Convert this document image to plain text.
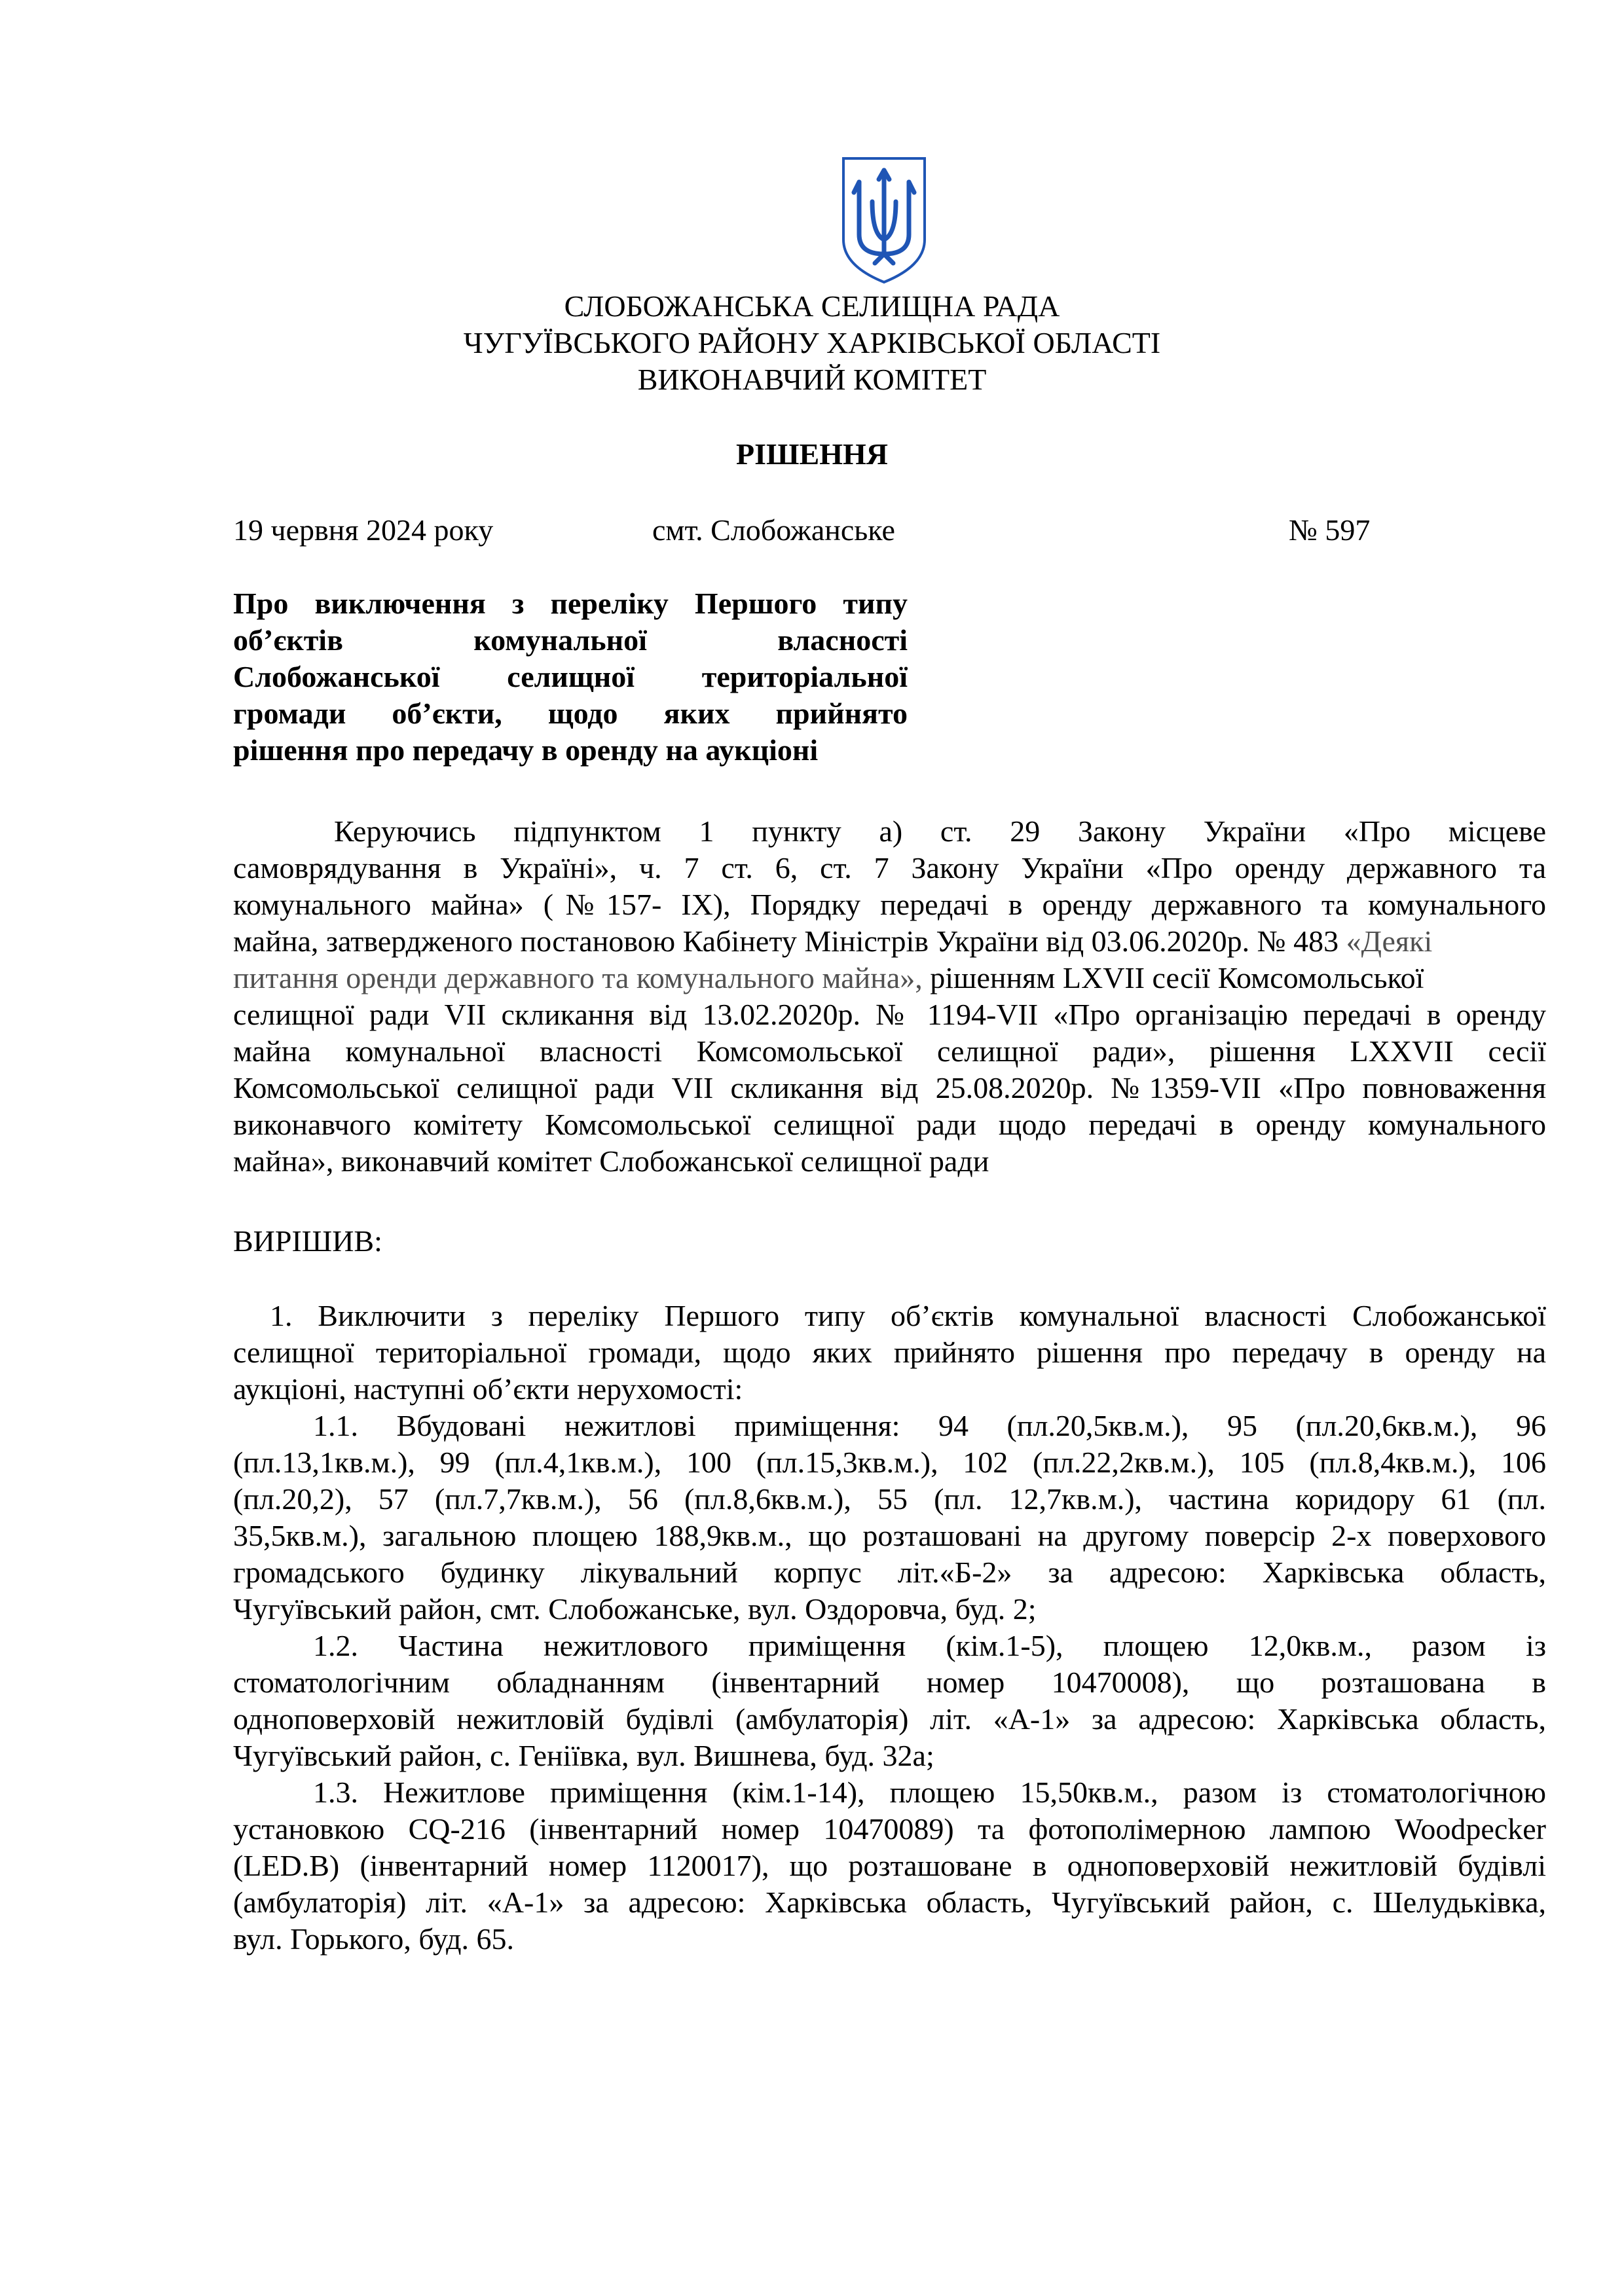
СЛОБОЖАНСЬКА СЕЛИЩНА РАДА
ЧУГУЇВСЬКОГО РАЙОНУ ХАРКІВСЬКОЇ ОБЛАСТІ
ВИКОНАВЧИЙ КОМІТЕТ
РІШЕННЯ
19 червня 2024 року	смт. Слобожанське	№ 597
Про виключення з переліку Першого типу
об’єктів комунальної власності
Слобожанської селищної територіальної
громади об’єкти, щодо яких прийнято
рішення про передачу в оренду на аукціоні
Керуючись підпунктом 1 пункту а) ст. 29 Закону України «Про місцеве
самоврядування в Україні», ч. 7 ст. 6, ст. 7 Закону України «Про оренду державного та
комунального майна» (№157- ІХ), Порядку передачі в оренду державного та комунального
майна, затвердженого постановою Кабінету Міністрів України від 03.06.2020р. № 483 «Деякі
питання оренди державного та комунального майна», рішенням LXVII сесії Комсомольської
селищної ради VII скликання від 13.02.2020р. № 1194-VII «Про організацію передачі в оренду
майна комунальної власності Комсомольської селищної ради», рішення LXXVII сесії
Комсомольської селищної ради VII скликання від 25.08.2020р. №1359-VII «Про повноваження
виконавчого комітету Комсомольської селищної ради щодо передачі в оренду комунального
майна», виконавчий комітет Слобожанської селищної ради
ВИРІШИВ:
1. Виключити з переліку Першого типу об’єктів комунальної власності Слобожанської
селищної територіальної громади, щодо яких прийнято рішення про передачу в оренду на
аукціоні, наступні об’єкти нерухомості:
1.1. Вбудовані нежитлові приміщення: 94 (пл.20,5кв.м.), 95 (пл.20,6кв.м.), 96
(пл.13,1кв.м.), 99 (пл.4,1кв.м.), 100 (пл.15,3кв.м.), 102 (пл.22,2кв.м.), 105 (пл.8,4кв.м.), 106
(пл.20,2), 57 (пл.7,7кв.м.), 56 (пл.8,6кв.м.), 55 (пл. 12,7кв.м.), частина коридору 61 (пл.
35,5кв.м.), загальною площею 188,9кв.м., що розташовані на другому поверсір 2-х поверхового
громадського будинку лікувальний корпус літ.«Б-2» за адресою: Харківська область,
Чугуївський район, смт. Слобожанське, вул. Оздоровча, буд. 2;
1.2. Частина нежитлового приміщення (кім.1-5), площею 12,0кв.м., разом із
стоматологічним обладнанням (інвентарний номер 10470008), що розташована в
одноповерховій нежитловій будівлі (амбулаторія) літ. «А-1» за адресою: Харківська область,
Чугуївський район, с. Геніївка, вул. Вишнева, буд. 32а;
1.3. Нежитлове приміщення (кім.1-14), площею 15,50кв.м., разом із стоматологічною
установкою CQ-216 (інвентарний номер 10470089) та фотополімерною лампою Woodpecker
(LED.B) (інвентарний номер 1120017), що розташоване в одноповерховій нежитловій будівлі
(амбулаторія) літ. «А-1» за адресою: Харківська область, Чугуївський район, с. Шелудьківка,
вул. Горького, буд. 65.
